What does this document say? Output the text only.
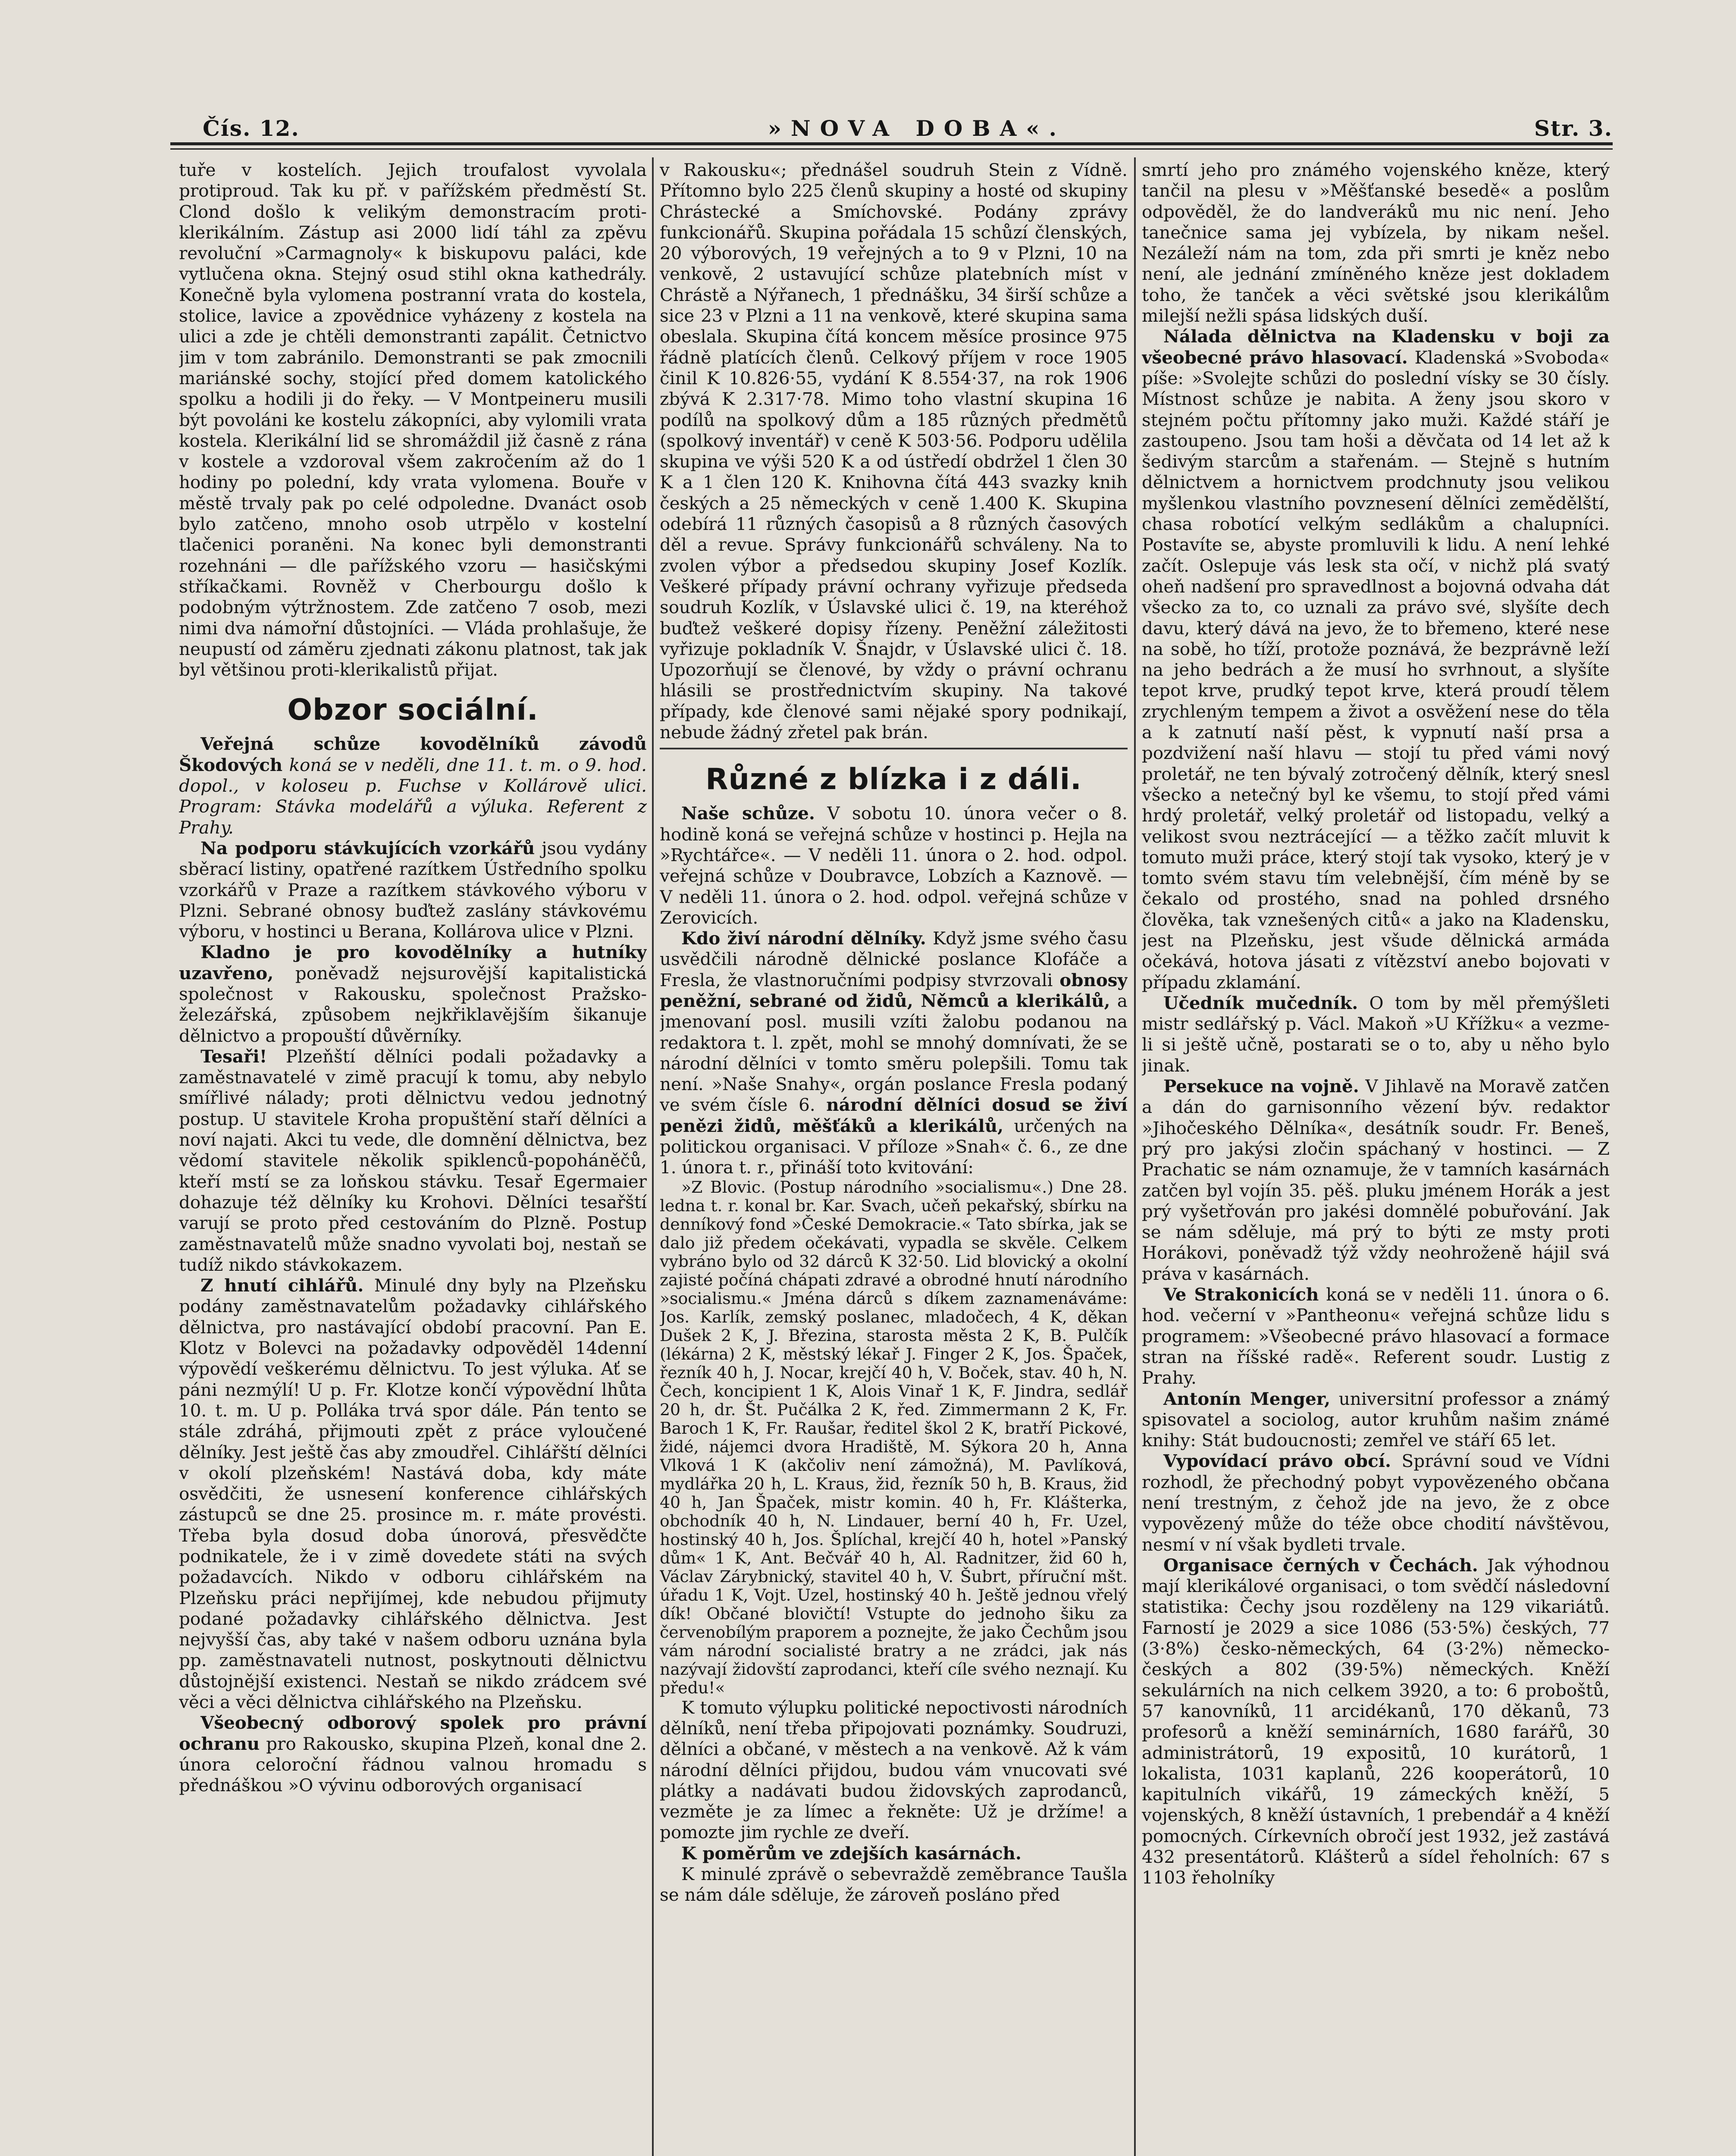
Čís. 12.	»NOVA DOBA«.	Str. 3.

tuře v kostelích. Jejich troufalost vyvolala protiproud. Tak ku př. v pařížském předměstí St. Clond došlo k velikým demonstracím proti-klerikálním. Zástup asi 2000 lidí táhl za zpěvu revoluční »Carmagnoly« k biskupovu paláci, kde vytlučena okna. Stejný osud stihl okna kathedrály. Konečně byla vylomena postranní vrata do kostela, stolice, lavice a zpovědnice vyházeny z kostela na ulici a zde je chtěli demonstranti zapálit. Četnictvo jim v tom zabránilo. Demonstranti se pak zmocnili mariánské sochy, stojící před domem katolického spolku a hodili ji do řeky. — V Montpeineru musili být povoláni ke kostelu zákopníci, aby vylomili vrata kostela. Klerikální lid se shromáždil již časně z rána v kostele a vzdoroval všem zakročením až do 1 hodiny po polední, kdy vrata vylomena. Bouře v městě trvaly pak po celé odpoledne. Dvanáct osob bylo zatčeno, mnoho osob utrpělo v kostelní tlačenici poraněni. Na konec byli demonstranti rozehnáni — dle pařížského vzoru — hasičskými stříkačkami. Rovněž v Cherbourgu došlo k podobným výtržnostem. Zde zatčeno 7 osob, mezi nimi dva námořní důstojníci. — Vláda prohlašuje, že neupustí od záměru zjednati zákonu platnost, tak jak byl většinou proti-klerikalistů přijat.

Obzor sociální.

Veřejná schůze kovodělníků závodů Škodových koná se v neděli, dne 11. t. m. o 9. hod. dopol., v koloseu p. Fuchse v Kollárově ulici. Program: Stávka modelářů a výluka. Referent z Prahy.

Na podporu stávkujících vzorkářů jsou vydány sběrací listiny, opatřené razítkem Ústředního spolku vzorkářů v Praze a razítkem stávkového výboru v Plzni. Sebrané obnosy buďtež zaslány stávkovému výboru, v hostinci u Berana, Kollárova ulice v Plzni.

Kladno je pro kovodělníky a hutníky uzavřeno, poněvadž nejsurovější kapitalistická společnost v Rakousku, společnost Pražsko-železářská, způsobem nejkřiklavějším šikanuje dělnictvo a propouští důvěrníky.

Tesaři! Plzeňští dělníci podali požadavky a zaměstnavatelé v zimě pracují k tomu, aby nebylo smířlivé nálady; proti dělnictvu vedou jednotný postup. U stavitele Kroha propuštění staří dělníci a noví najati. Akci tu vede, dle domnění dělnictva, bez vědomí stavitele několik spiklenců-popoháněčů, kteří mstí se za loňskou stávku. Tesař Egermaier dohazuje též dělníky ku Krohovi. Dělníci tesařští varují se proto před cestováním do Plzně. Postup zaměstnavatelů může snadno vyvolati boj, nestaň se tudíž nikdo stávkokazem.

Z hnutí cihlářů. Minulé dny byly na Plzeňsku podány zaměstnavatelům požadavky cihlářského dělnictva, pro nastávající období pracovní. Pan E. Klotz v Bolevci na požadavky odpověděl 14denní výpovědí veškerému dělnictvu. To jest výluka. Ať se páni nezmýlí! U p. Fr. Klotze končí výpovědní lhůta 10. t. m. U p. Polláka trvá spor dále. Pán tento se stále zdráhá, přijmouti zpět z práce vyloučené dělníky. Jest ještě čas aby zmoudřel. Cihlářští dělníci v okolí plzeňském! Nastává doba, kdy máte osvědčiti, že usnesení konference cihlářských zástupců se dne 25. prosince m. r. máte provésti. Třeba byla dosud doba únorová, přesvědčte podnikatele, že i v zimě dovedete státi na svých požadavcích. Nikdo v odboru cihlářském na Plzeňsku práci nepřijímej, kde nebudou přijmuty podané požadavky cihlářského dělnictva. Jest nejvyšší čas, aby také v našem odboru uznána byla pp. zaměstnavateli nutnost, poskytnouti dělnictvu důstojnější existenci. Nestaň se nikdo zrádcem své věci a věci dělnictva cihlářského na Plzeňsku.

Všeobecný odborový spolek pro právní ochranu pro Rakousko, skupina Plzeň, konal dne 2. února celoroční řádnou valnou hromadu s přednáškou »O vývinu odborových organisací

v Rakousku«; přednášel soudruh Stein z Vídně. Přítomno bylo 225 členů skupiny a hosté od skupiny Chrástecké a Smíchovské. Podány zprávy funkcionářů. Skupina pořádala 15 schůzí členských, 20 výborových, 19 veřejných a to 9 v Plzni, 10 na venkově, 2 ustavující schůze platebních míst v Chrástě a Nýřanech, 1 přednášku, 34 širší schůze a sice 23 v Plzni a 11 na venkově, které skupina sama obeslala. Skupina čítá koncem měsíce prosince 975 řádně platících členů. Celkový příjem v roce 1905 činil K 10.826·55, vydání K 8.554·37, na rok 1906 zbývá K 2.317·78. Mimo toho vlastní skupina 16 podílů na spolkový dům a 185 různých předmětů (spolkový inventář) v ceně K 503·56. Podporu udělila skupina ve výši 520 K a od ústředí obdržel 1 člen 30 K a 1 člen 120 K. Knihovna čítá 443 svazky knih českých a 25 německých v ceně 1.400 K. Skupina odebírá 11 různých časopisů a 8 různých časových děl a revue. Správy funkcionářů schváleny. Na to zvolen výbor a předsedou skupiny Josef Kozlík. Veškeré případy právní ochrany vyřizuje předseda soudruh Kozlík, v Úslavské ulici č. 19, na kteréhož buďtež veškeré dopisy řízeny. Peněžní záležitosti vyřizuje pokladník V. Šnajdr, v Úslavské ulici č. 18. Upozorňují se členové, by vždy o právní ochranu hlásili se prostřednictvím skupiny. Na takové případy, kde členové sami nějaké spory podnikají, nebude žádný zřetel pak brán.

Různé z blízka i z dáli.

Naše schůze. V sobotu 10. února večer o 8. hodině koná se veřejná schůze v hostinci p. Hejla na »Rychtářce«. — V neděli 11. února o 2. hod. odpol. veřejná schůze v Doubravce, Lobzích a Kaznově. — V neděli 11. února o 2. hod. odpol. veřejná schůze v Zerovicích.

Kdo živí národní dělníky. Když jsme svého času usvědčili národně dělnické poslance Klofáče a Fresla, že vlastnoručními podpisy stvrzovali obnosy peněžní, sebrané od židů, Němců a klerikálů, a jmenovaní posl. musili vzíti žalobu podanou na redaktora t. l. zpět, mohl se mnohý domnívati, že se národní dělníci v tomto směru polepšili. Tomu tak není. »Naše Snahy«, orgán poslance Fresla podaný ve svém čísle 6. národní dělníci dosud se živí penězi židů, měšťáků a klerikálů, určených na politickou organisaci. V příloze »Snah« č. 6., ze dne 1. února t. r., přináší toto kvitování:

»Z Blovic. (Postup národního »socialismu«.) Dne 28. ledna t. r. konal br. Kar. Svach, učeň pekařský, sbírku na denníkový fond »České Demokracie.« Tato sbírka, jak se dalo již předem očekávati, vypadla se skvěle. Celkem vybráno bylo od 32 dárců K 32·50. Lid blovický a okolní zajisté počíná chápati zdravé a obrodné hnutí národního »socialismu.« Jména dárců s díkem zaznamenáváme: Jos. Karlík, zemský poslanec, mladočech, 4 K, děkan Dušek 2 K, J. Březina, starosta města 2 K, B. Pulčík (lékárna) 2 K, městský lékař J. Finger 2 K, Jos. Špaček, řezník 40 h, J. Nocar, krejčí 40 h, V. Boček, stav. 40 h, N. Čech, koncipient 1 K, Alois Vinař 1 K, F. Jindra, sedlář 20 h, dr. Št. Pučálka 2 K, řed. Zimmermann 2 K, Fr. Baroch 1 K, Fr. Raušar, ředitel škol 2 K, bratří Pickové, židé, nájemci dvora Hradiště, M. Sýkora 20 h, Anna Vlková 1 K (akčoliv není zámožná), M. Pavlíková, mydlářka 20 h, L. Kraus, žid, řezník 50 h, B. Kraus, žid 40 h, Jan Špaček, mistr komin. 40 h, Fr. Klášterka, obchodník 40 h, N. Lindauer, berní 40 h, Fr. Uzel, hostinský 40 h, Jos. Šplíchal, krejčí 40 h, hotel »Panský dům« 1 K, Ant. Bečvář 40 h, Al. Radnitzer, žid 60 h, Václav Zárybnický, stavitel 40 h, V. Šubrt, příruční mšt. úřadu 1 K, Vojt. Uzel, hostinský 40 h. Ještě jednou vřelý dík! Občané blovičtí! Vstupte do jednoho šiku za červenobílým praporem a poznejte, že jako Čechům jsou vám národní socialisté bratry a ne zrádci, jak nás nazývají židovští zaprodanci, kteří cíle svého neznají. Ku předu!«

K tomuto výlupku politické nepoctivosti národních dělníků, není třeba připojovati poznámky. Soudruzi, dělníci a občané, v městech a na venkově. Až k vám národní dělníci přijdou, budou vám vnucovati své plátky a nadávati budou židovských zaprodanců, vezměte je za límec a řekněte: Už je držíme! a pomozte jim rychle ze dveří.

K poměrům ve zdejších kasárnách.

K minulé zprávě o sebevraždě zeměbrance Taušla se nám dále sděluje, že zároveň posláno před

smrtí jeho pro známého vojenského kněze, který tančil na plesu v »Měšťanské besedě« a poslům odpověděl, že do landveráků mu nic není. Jeho tanečnice sama jej vybízela, by nikam nešel. Nezáleží nám na tom, zda při smrti je kněz nebo není, ale jednání zmíněného kněze jest dokladem toho, že tanček a věci světské jsou klerikálům milejší nežli spása lidských duší.

Nálada dělnictva na Kladensku v boji za všeobecné právo hlasovací. Kladenská »Svoboda« píše: »Svolejte schůzi do poslední vísky se 30 čísly. Místnost schůze je nabita. A ženy jsou skoro v stejném počtu přítomny jako muži. Každé stáří je zastoupeno. Jsou tam hoši a děvčata od 14 let až k šedivým starcům a stařenám. — Stejně s hutním dělnictvem a hornictvem prodchnuty jsou velikou myšlenkou vlastního povznesení dělníci zemědělští, chasa robotící velkým sedlákům a chalupníci. Postavíte se, abyste promluvili k lidu. A není lehké začít. Oslepuje vás lesk sta očí, v nichž plá svatý oheň nadšení pro spravedlnost a bojovná odvaha dát všecko za to, co uznali za právo své, slyšíte dech davu, který dává na jevo, že to břemeno, které nese na sobě, ho tíží, protože poznává, že bezprávně leží na jeho bedrách a že musí ho svrhnout, a slyšíte tepot krve, prudký tepot krve, která proudí tělem zrychleným tempem a život a osvěžení nese do těla a k zatnutí naší pěst, k vypnutí naší prsa a pozdvižení naší hlavu — stojí tu před vámi nový proletář, ne ten bývalý zotročený dělník, který snesl všecko a netečný byl ke všemu, to stojí před vámi hrdý proletář, velký proletář od listopadu, velký a velikost svou neztrácející — a těžko začít mluvit k tomuto muži práce, který stojí tak vysoko, který je v tomto svém stavu tím velebnější, čím méně by se čekalo od prostého, snad na pohled drsného člověka, tak vznešených citů« a jako na Kladensku, jest na Plzeňsku, jest všude dělnická armáda očekává, hotova jásati z vítězství anebo bojovati v případu zklamání.

Učedník mučedník. O tom by měl přemýšleti mistr sedlářský p. Václ. Makoň »U Křížku« a vezme-li si ještě učně, postarati se o to, aby u něho bylo jinak.

Persekuce na vojně. V Jihlavě na Moravě zatčen a dán do garnisonního vězení býv. redaktor »Jihočeského Dělníka«, desátník soudr. Fr. Beneš, prý pro jakýsi zločin spáchaný v hostinci. — Z Prachatic se nám oznamuje, že v tamních kasárnách zatčen byl vojín 35. pěš. pluku jménem Horák a jest prý vyšetřován pro jakési domnělé pobuřování. Jak se nám sděluje, má prý to býti ze msty proti Horákovi, poněvadž týž vždy neohroženě hájil svá práva v kasárnách.

Ve Strakonicích koná se v neděli 11. února o 6. hod. večerní v »Pantheonu« veřejná schůze lidu s programem: »Všeobecné právo hlasovací a formace stran na říšské radě«. Referent soudr. Lustig z Prahy.

Antonín Menger, universitní professor a známý spisovatel a sociolog, autor kruhům našim známé knihy: Stát budoucnosti; zemřel ve stáří 65 let.

Vypovídací právo obcí. Správní soud ve Vídni rozhodl, že přechodný pobyt vypovězeného občana není trestným, z čehož jde na jevo, že z obce vypovězený může do téže obce chodití návštěvou, nesmí v ní však bydleti trvale.

Organisace černých v Čechách. Jak výhodnou mají klerikálové organisaci, o tom svědčí následovní statistika: Čechy jsou rozděleny na 129 vikariátů. Farností je 2029 a sice 1086 (53·5%) českých, 77 (3·8%) česko-německých, 64 (3·2%) německo-českých a 802 (39·5%) německých. Kněží sekulárních na nich celkem 3920, a to: 6 proboštů, 57 kanovníků, 11 arcidékanů, 170 děkanů, 73 profesorů a kněží seminárních, 1680 farářů, 30 administrátorů, 19 expositů, 10 kurátorů, 1 lokalista, 1031 kaplanů, 226 kooperátorů, 10 kapitulních vikářů, 19 zámeckých kněží, 5 vojenských, 8 kněží ústavních, 1 prebendář a 4 kněží pomocných. Církevních obročí jest 1932, jež zastává 432 presentátorů. Klášterů a sídel řeholních: 67 s 1103 řeholníky
